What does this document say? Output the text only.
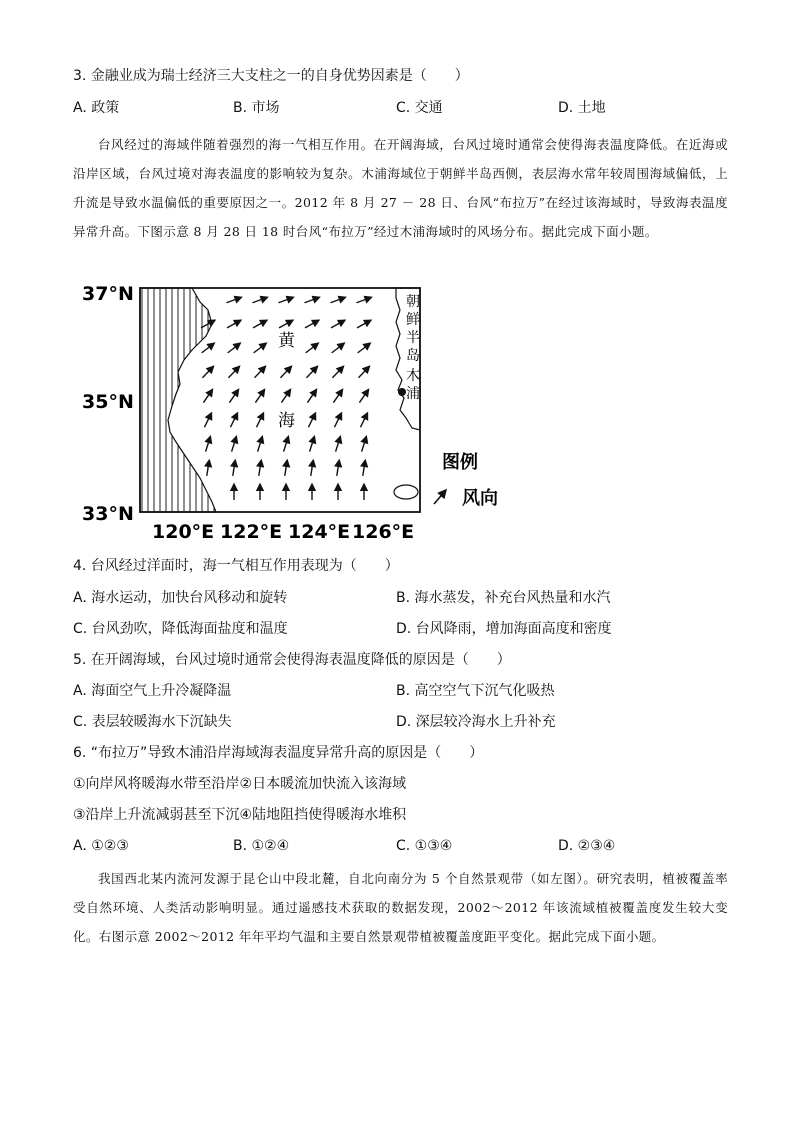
3. 金融业成为瑞士经济三大支柱之一的自身优势因素是（　　）
A. 政策	B. 市场	C. 交通	D. 土地
台风经过的海域伴随着强烈的海一气相互作用。在开阔海域，台风过境时通常会使得海表温度降低。在近海或沿岸区域，台风过境对海表温度的影响较为复杂。木浦海域位于朝鲜半岛西侧，表层海水常年较周围海域偏低，上升流是导致水温偏低的重要原因之一。2012 年 8 月 27 － 28 日、台风“布拉万”在经过该海域时，导致海表温度异常升高。下图示意 8 月 28 日 18 时台风“布拉万”经过木浦海域时的风场分布。据此完成下面小题。
黄
海
朝
鲜
半
岛
木
浦
37°N
35°N
33°N
120°E 122°E 124°E 126°E
图例
风向
4. 台风经过洋面时，海一气相互作用表现为（　　）
A. 海水运动，加快台风移动和旋转	B. 海水蒸发，补充台风热量和水汽
C. 台风劲吹，降低海面盐度和温度	D. 台风降雨，增加海面高度和密度
5. 在开阔海域，台风过境时通常会使得海表温度降低的原因是（　　）
A. 海面空气上升冷凝降温	B. 高空空气下沉气化吸热
C. 表层较暖海水下沉缺失	D. 深层较冷海水上升补充
6. “布拉万”导致木浦沿岸海域海表温度异常升高的原因是（　　）
①向岸风将暖海水带至沿岸②日本暖流加快流入该海域
③沿岸上升流减弱甚至下沉④陆地阻挡使得暖海水堆积
A. ①②③	B. ①②④	C. ①③④	D. ②③④
我国西北某内流河发源于昆仑山中段北麓，自北向南分为 5 个自然景观带（如左图）。研究表明，植被覆盖率受自然环境、人类活动影响明显。通过遥感技术获取的数据发现，2002～2012 年该流域植被覆盖度发生较大变化。右图示意 2002～2012 年年平均气温和主要自然景观带植被覆盖度距平变化。据此完成下面小题。
